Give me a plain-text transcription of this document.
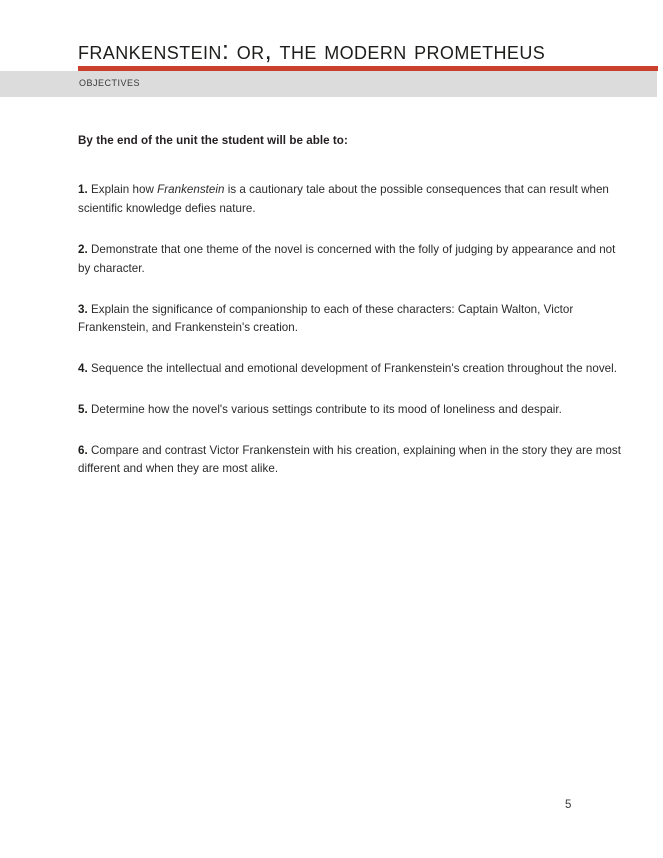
frankenstein: or, the modern prometheus
objectives

By the end of the unit the student will be able to:

1. Explain how Frankenstein is a cautionary tale about the possible consequences that can result when scientific knowledge defies nature.

2. Demonstrate that one theme of the novel is concerned with the folly of judging by appearance and not by character.

3. Explain the significance of companionship to each of these characters: Captain Walton, Victor Frankenstein, and Frankenstein's creation.

4. Sequence the intellectual and emotional development of Frankenstein's creation throughout the novel.

5. Determine how the novel's various settings contribute to its mood of loneliness and despair.

6. Compare and contrast Victor Frankenstein with his creation, explaining when in the story they are most different and when they are most alike.

5
